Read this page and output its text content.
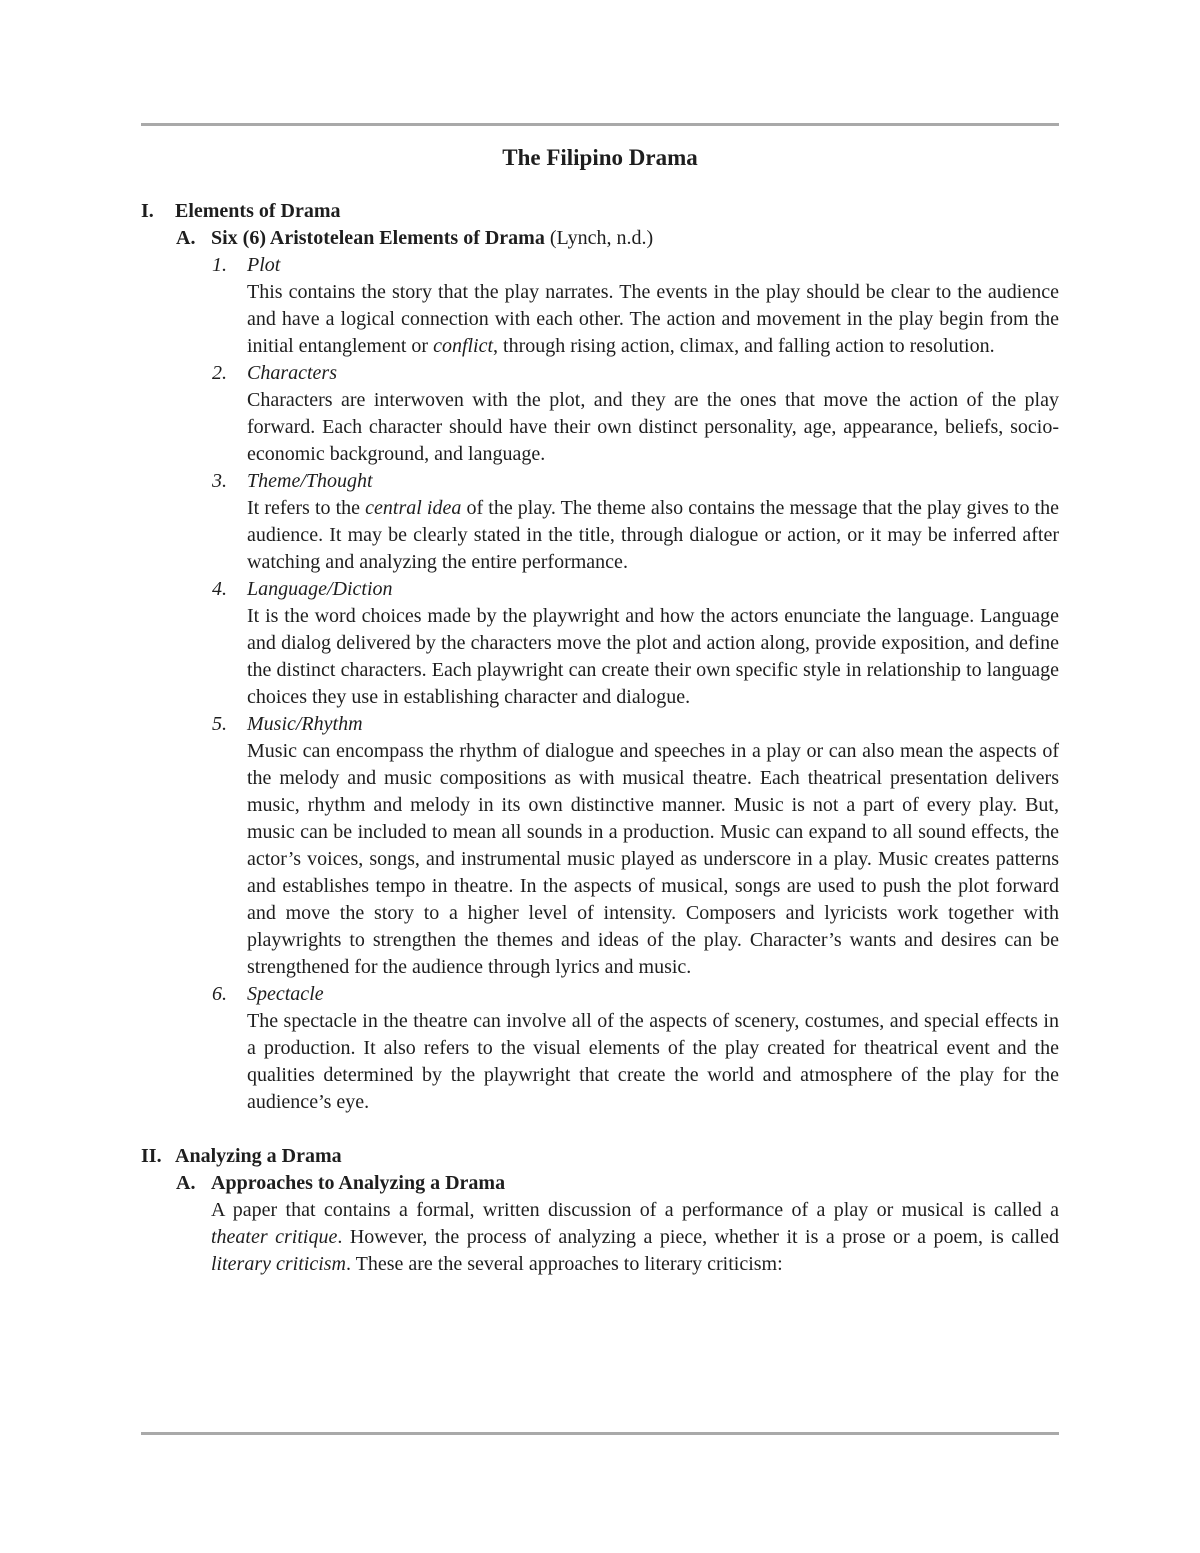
The Filipino Drama
I. Elements of Drama
A. Six (6) Aristotelean Elements of Drama (Lynch, n.d.)
1. Plot
This contains the story that the play narrates. The events in the play should be clear to the audience and have a logical connection with each other. The action and movement in the play begin from the initial entanglement or conflict, through rising action, climax, and falling action to resolution.
2. Characters
Characters are interwoven with the plot, and they are the ones that move the action of the play forward. Each character should have their own distinct personality, age, appearance, beliefs, socio-economic background, and language.
3. Theme/Thought
It refers to the central idea of the play. The theme also contains the message that the play gives to the audience. It may be clearly stated in the title, through dialogue or action, or it may be inferred after watching and analyzing the entire performance.
4. Language/Diction
It is the word choices made by the playwright and how the actors enunciate the language. Language and dialog delivered by the characters move the plot and action along, provide exposition, and define the distinct characters. Each playwright can create their own specific style in relationship to language choices they use in establishing character and dialogue.
5. Music/Rhythm
Music can encompass the rhythm of dialogue and speeches in a play or can also mean the aspects of the melody and music compositions as with musical theatre. Each theatrical presentation delivers music, rhythm and melody in its own distinctive manner. Music is not a part of every play. But, music can be included to mean all sounds in a production. Music can expand to all sound effects, the actor’s voices, songs, and instrumental music played as underscore in a play. Music creates patterns and establishes tempo in theatre. In the aspects of musical, songs are used to push the plot forward and move the story to a higher level of intensity. Composers and lyricists work together with playwrights to strengthen the themes and ideas of the play. Character’s wants and desires can be strengthened for the audience through lyrics and music.
6. Spectacle
The spectacle in the theatre can involve all of the aspects of scenery, costumes, and special effects in a production. It also refers to the visual elements of the play created for theatrical event and the qualities determined by the playwright that create the world and atmosphere of the play for the audience’s eye.
II. Analyzing a Drama
A. Approaches to Analyzing a Drama
A paper that contains a formal, written discussion of a performance of a play or musical is called a theater critique. However, the process of analyzing a piece, whether it is a prose or a poem, is called literary criticism. These are the several approaches to literary criticism:
